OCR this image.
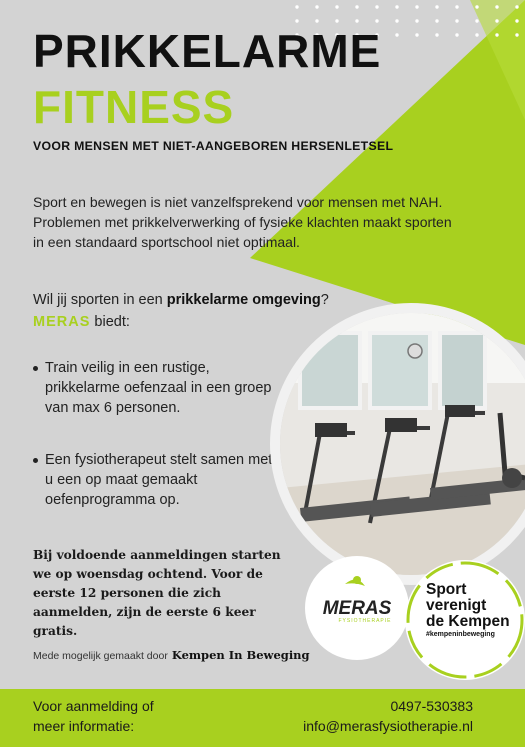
PRIKKELARME
FITNESS
VOOR MENSEN MET NIET-AANGEBOREN HERSENLETSEL

Sport en bewegen is niet vanzelfsprekend voor mensen met NAH. Problemen met prikkelverwerking of fysieke klachten maakt sporten in een standaard sportschool niet optimaal.

Wil jij sporten in een prikkelarme omgeving?
MERAS biedt:
Train veilig in een rustige, prikkelarme oefenzaal in een groep van max 6 personen.
Een fysiotherapeut stelt samen met u een op maat gemaakt oefenprogramma op.

Bij voldoende aanmeldingen starten we op woensdag ochtend. Voor de eerste 12 personen die zich aanmelden, zijn de eerste 6 keer gratis.

MERAS
FYSIOTHERAPIE
Sport
verenigt
de Kempen
#kempeninbeweging
Mede mogelijk gemaakt door Kempen In Beweging
Voor aanmelding of
meer informatie:
0497-530383
info@merasfysiotherapie.nl
